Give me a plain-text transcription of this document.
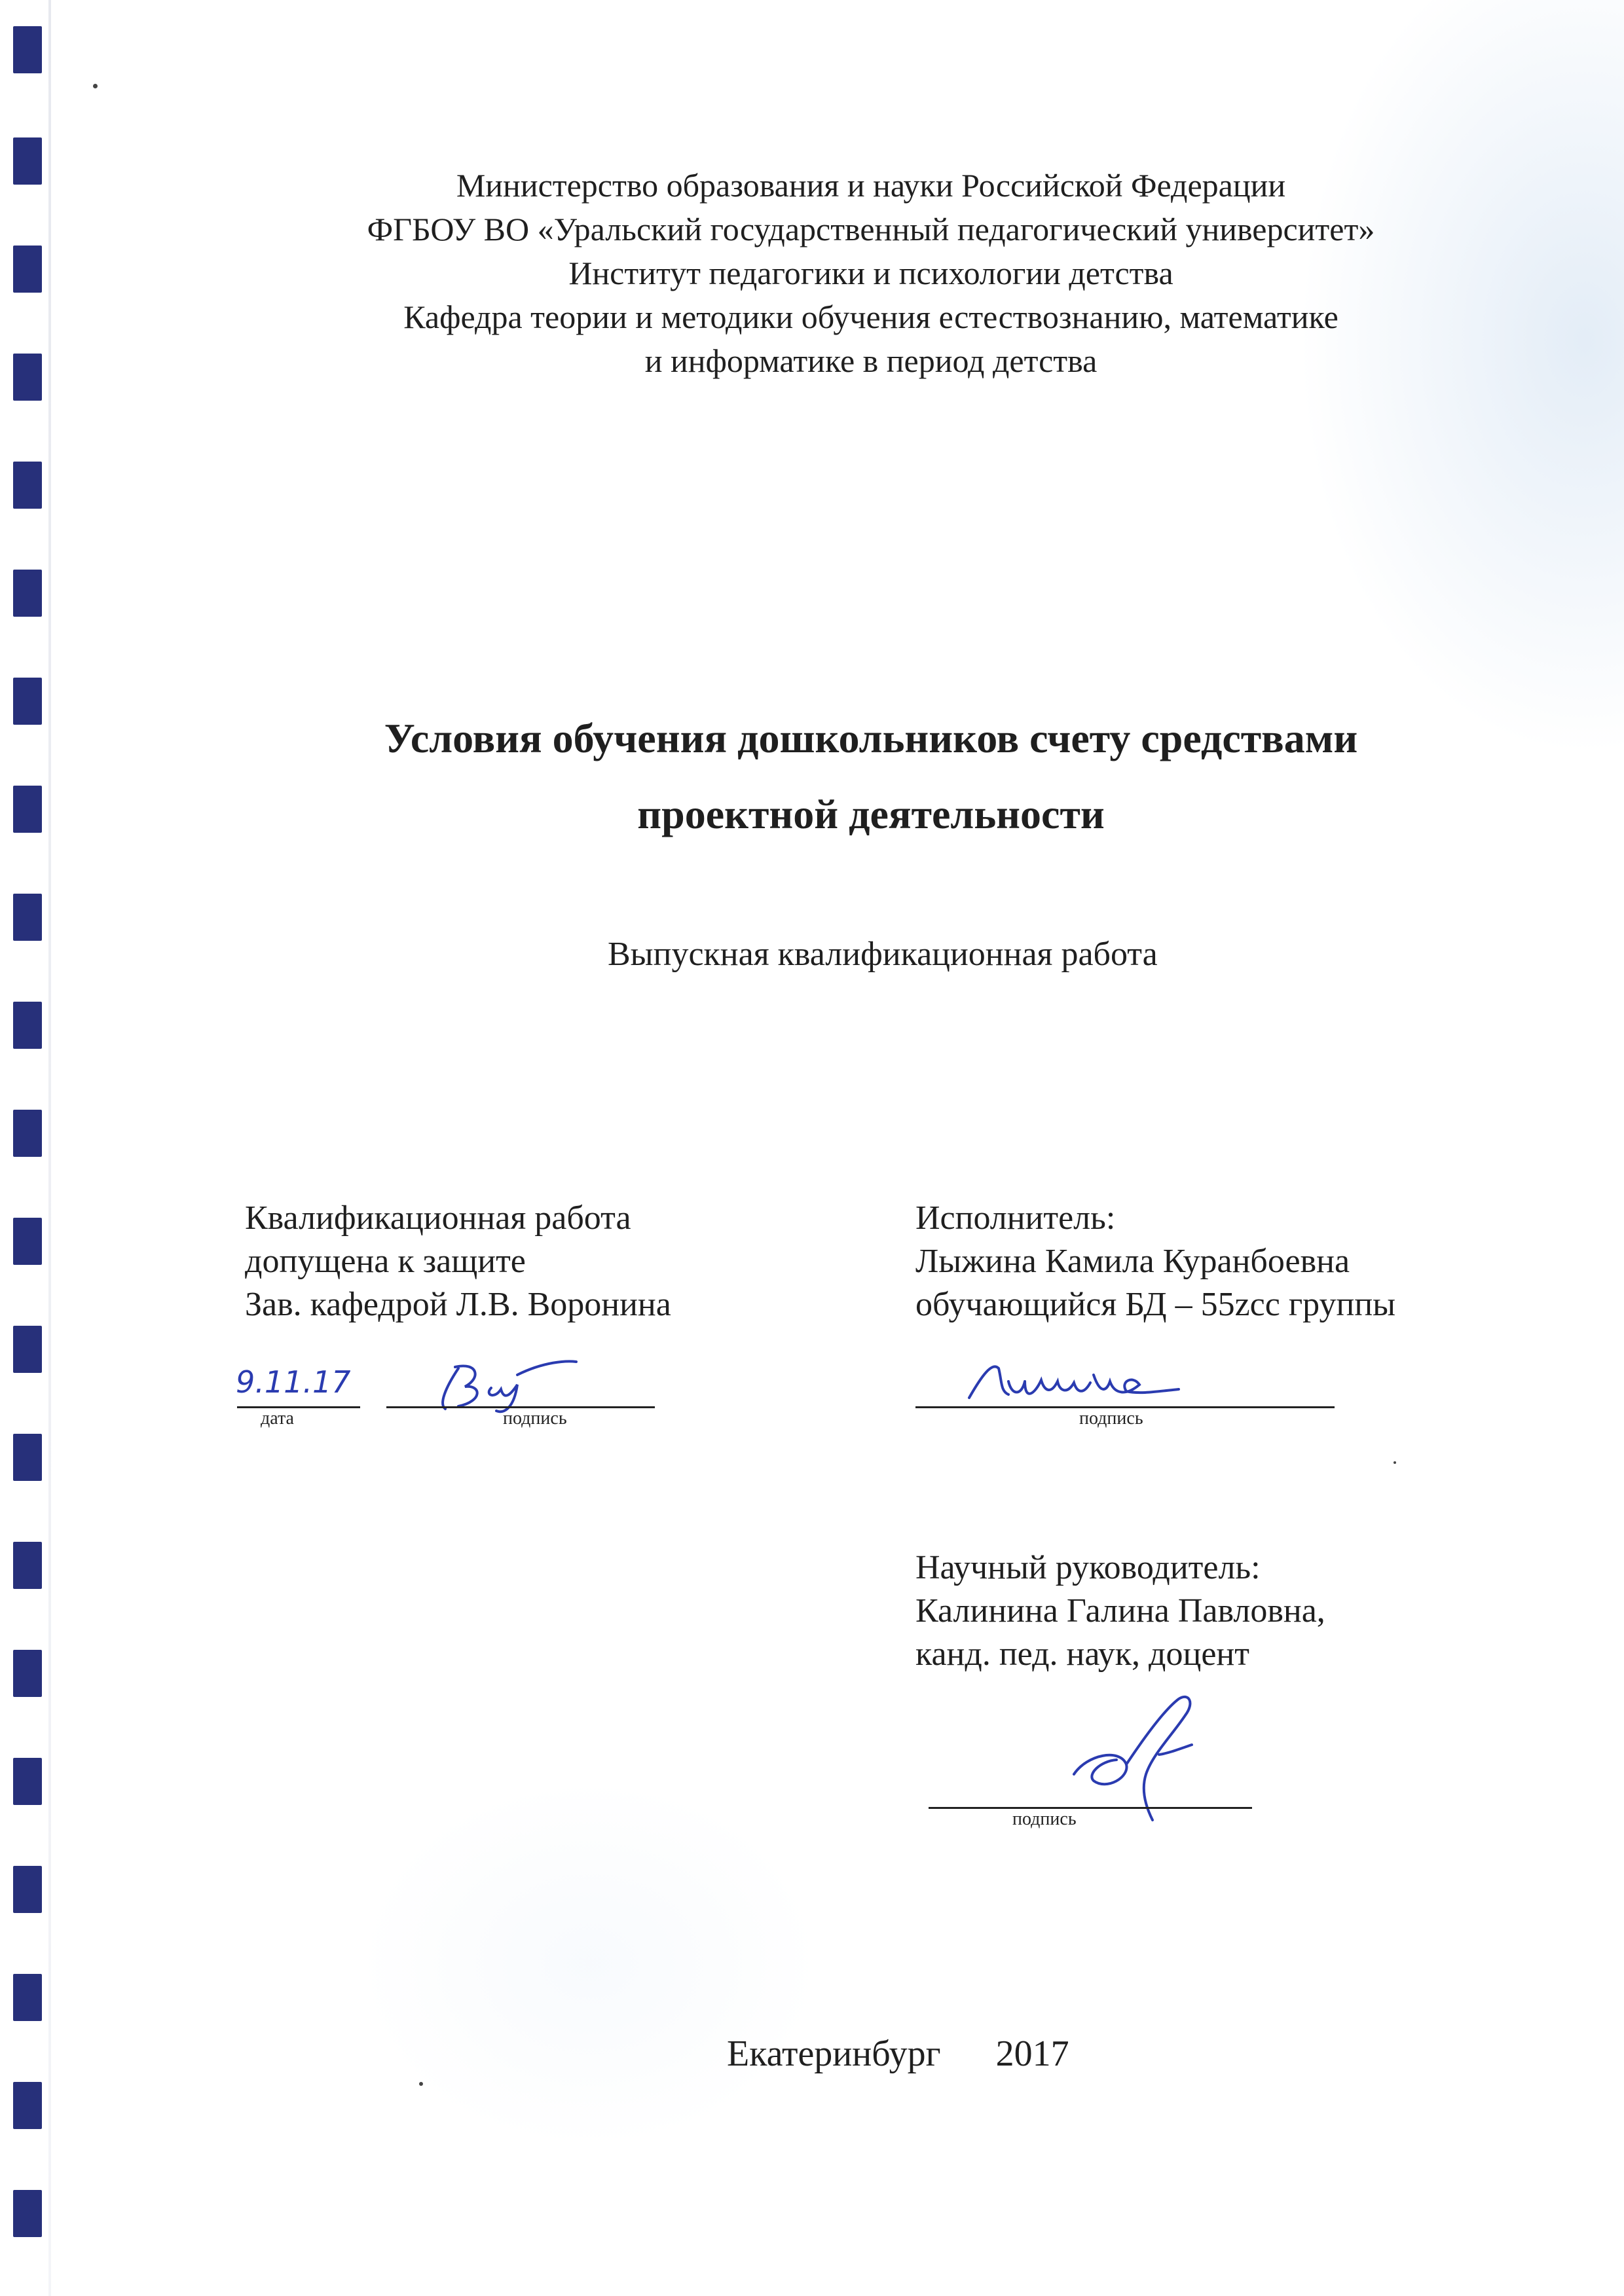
Министерство образования и науки Российской Федерации
ФГБОУ ВО «Уральский государственный педагогический университет»
Институт педагогики и психологии детства
Кафедра теории и методики обучения естествознанию, математике
и информатике в период детства
Условия обучения дошкольников счету средствами
проектной деятельности
Выпускная квалификационная работа
Квалификационная работа
допущена к защите
Зав. кафедрой Л.В. Воронина
9.11.17
дата	подпись
Исполнитель:
Лыжина Камила Куранбоевна
обучающийся БД – 55zсс группы
подпись
Научный руководитель:
Калинина Галина Павловна,
канд. пед. наук, доцент
подпись
Екатеринбург 2017
